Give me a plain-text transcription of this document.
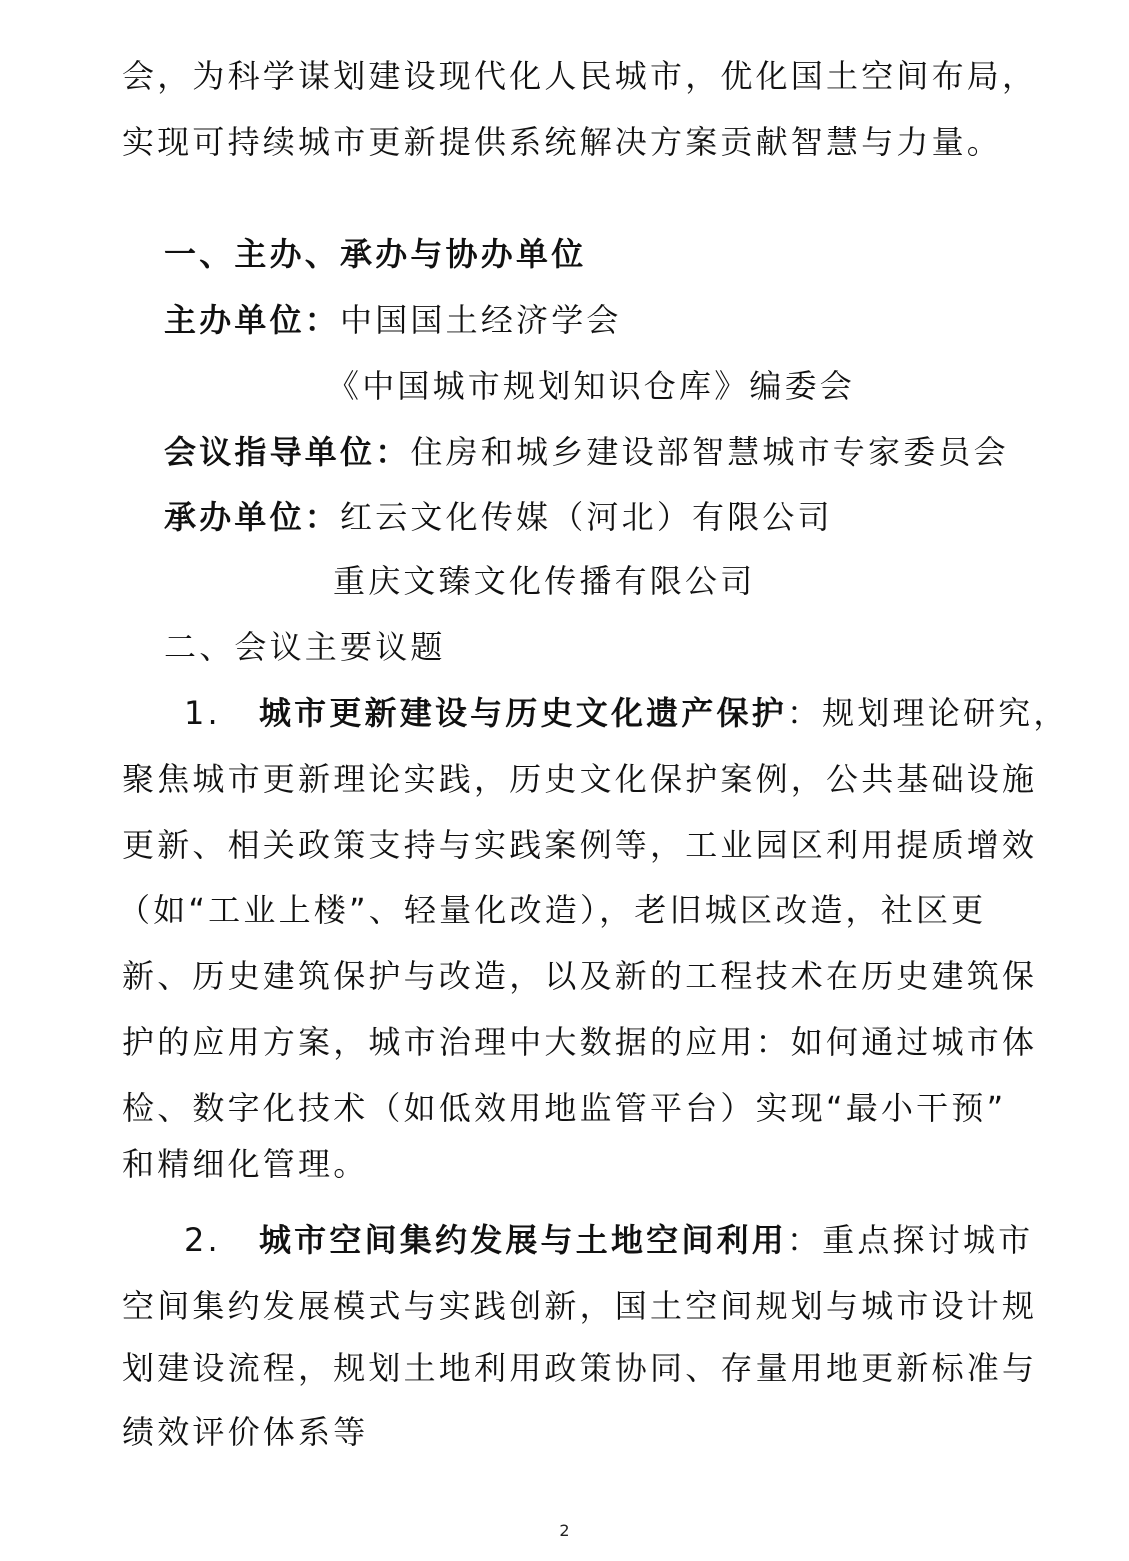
会，为科学谋划建设现代化人民城市，优化国土空间布局，
实现可持续城市更新提供系统解决方案贡献智慧与力量。
一、主办、承办与协办单位
主办单位：中国国土经济学会
《中国城市规划知识仓库》编委会
会议指导单位：住房和城乡建设部智慧城市专家委员会
承办单位：红云文化传媒（河北）有限公司
重庆文臻文化传播有限公司
二、会议主要议题
1. 城市更新建设与历史文化遗产保护：规划理论研究，
聚焦城市更新理论实践，历史文化保护案例，公共基础设施
更新、相关政策支持与实践案例等，工业园区利用提质增效
（如“工业上楼”、轻量化改造），老旧城区改造，社区更
新、历史建筑保护与改造，以及新的工程技术在历史建筑保
护的应用方案，城市治理中大数据的应用：如何通过城市体
检、数字化技术（如低效用地监管平台）实现“最小干预”
和精细化管理。
2. 城市空间集约发展与土地空间利用：重点探讨城市
空间集约发展模式与实践创新，国土空间规划与城市设计规
划建设流程，规划土地利用政策协同、存量用地更新标准与
绩效评价体系等
2
